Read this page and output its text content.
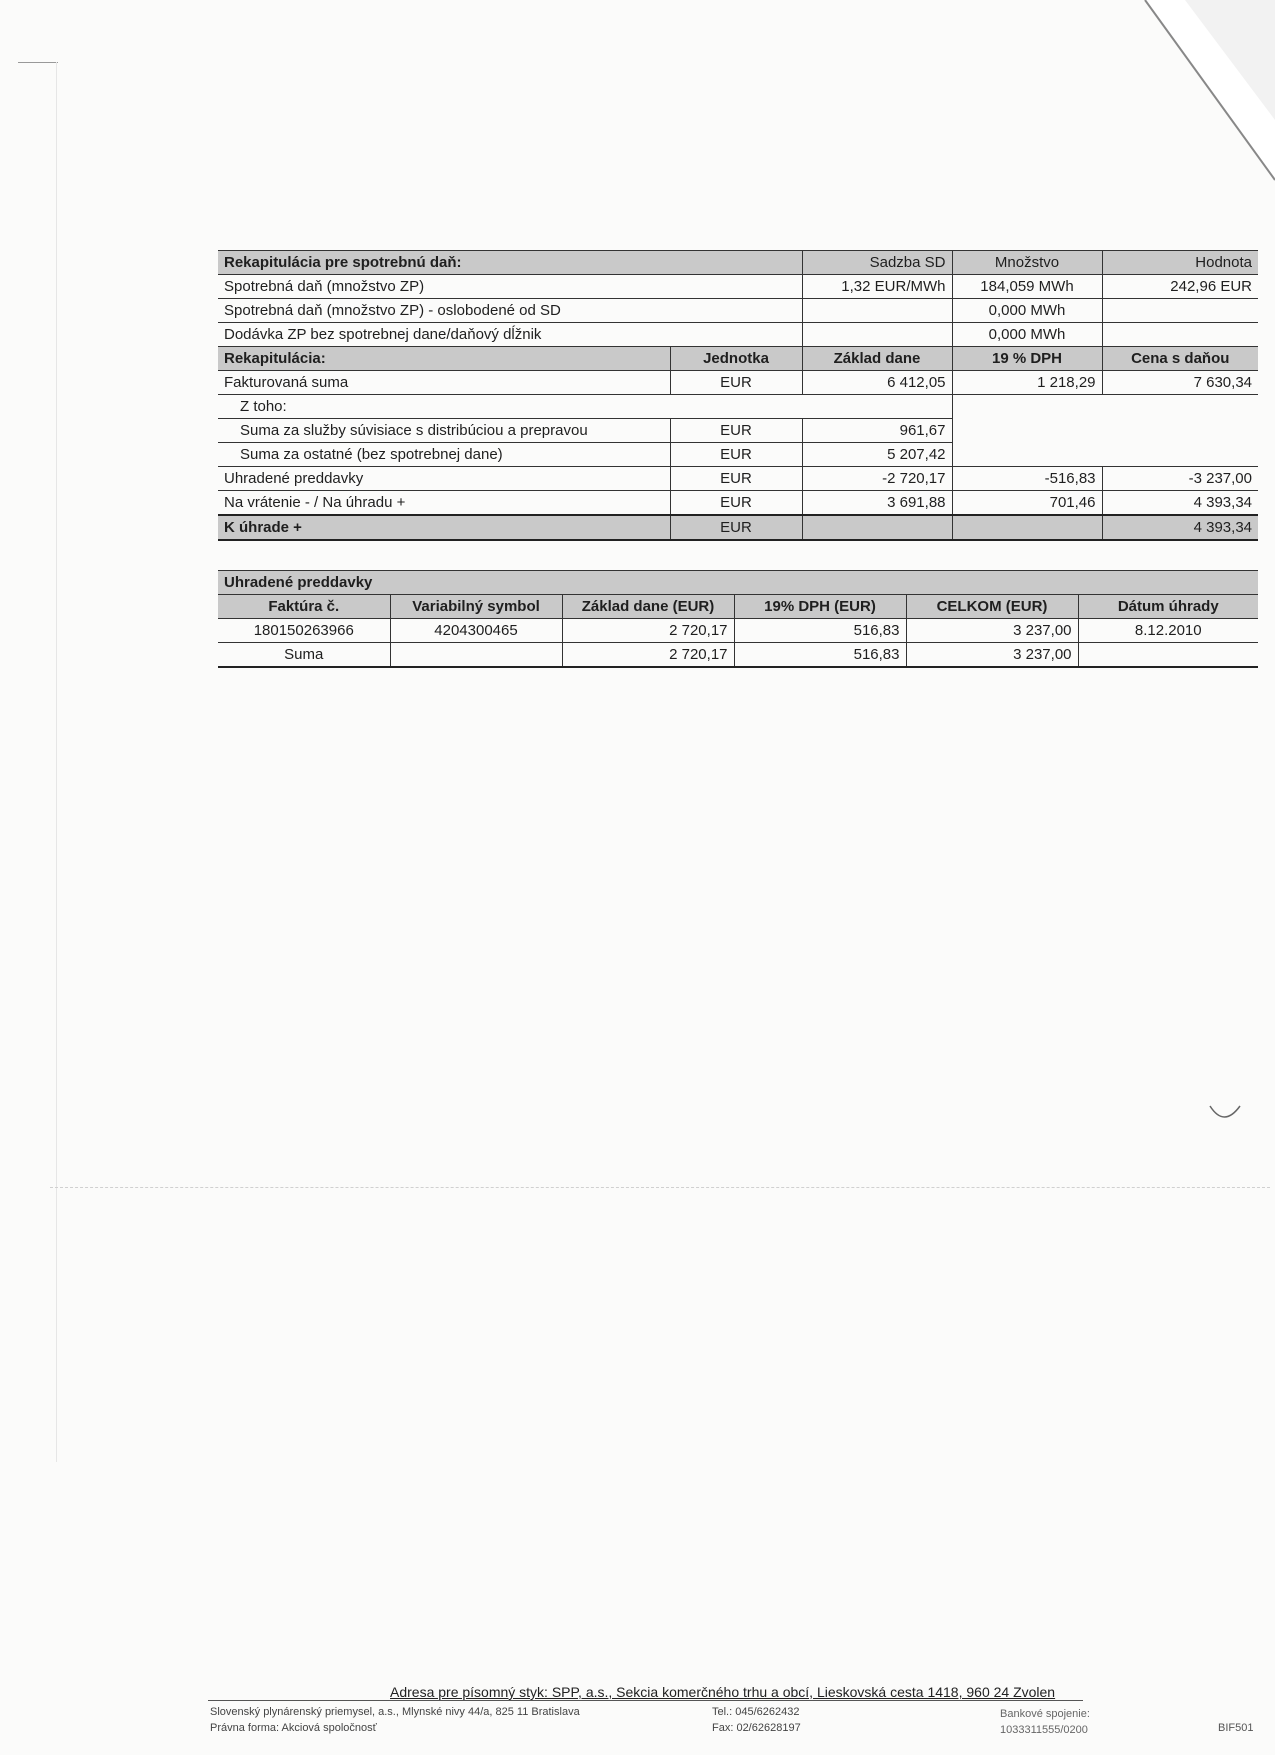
Rekapitulácia pre spotrebnú daň:		Sadzba SD	Množstvo	Hodnota
Spotrebná daň (množstvo ZP)		1,32 EUR/MWh	184,059 MWh	242,96 EUR
Spotrebná daň (množstvo ZP) - oslobodené od SD			0,000 MWh	
Dodávka ZP bez spotrebnej dane/daňový dĺžnik			0,000 MWh	
Rekapitulácia:	Jednotka	Základ dane	19 % DPH	Cena s daňou
Fakturovaná suma	EUR	6 412,05	1 218,29	7 630,34
Z toho:				
Suma za služby súvisiace s distribúciou a prepravou	EUR	961,67		
Suma za ostatné (bez spotrebnej dane)	EUR	5 207,42		
Uhradené preddavky	EUR	-2 720,17	-516,83	-3 237,00
Na vrátenie - / Na úhradu +	EUR	3 691,88	701,46	4 393,34
K úhrade +	EUR			4 393,34
Uhradené preddavky					
Faktúra č.	Variabilný symbol	Základ dane (EUR)	19% DPH (EUR)	CELKOM (EUR)	Dátum úhrady
180150263966	4204300465	2 720,17	516,83	3 237,00	8.12.2010
Suma		2 720,17	516,83	3 237,00	
Adresa pre písomný styk: SPP, a.s., Sekcia komerčného trhu a obcí, Lieskovská cesta 1418, 960 24 Zvolen
Slovenský plynárenský priemysel, a.s., Mlynské nivy 44/a, 825 11 Bratislava
Právna forma: Akciová spoločnosť
Tel.: 045/6262432
Fax: 02/62628197
Bankové spojenie:
1033311555/0200	BIF501
